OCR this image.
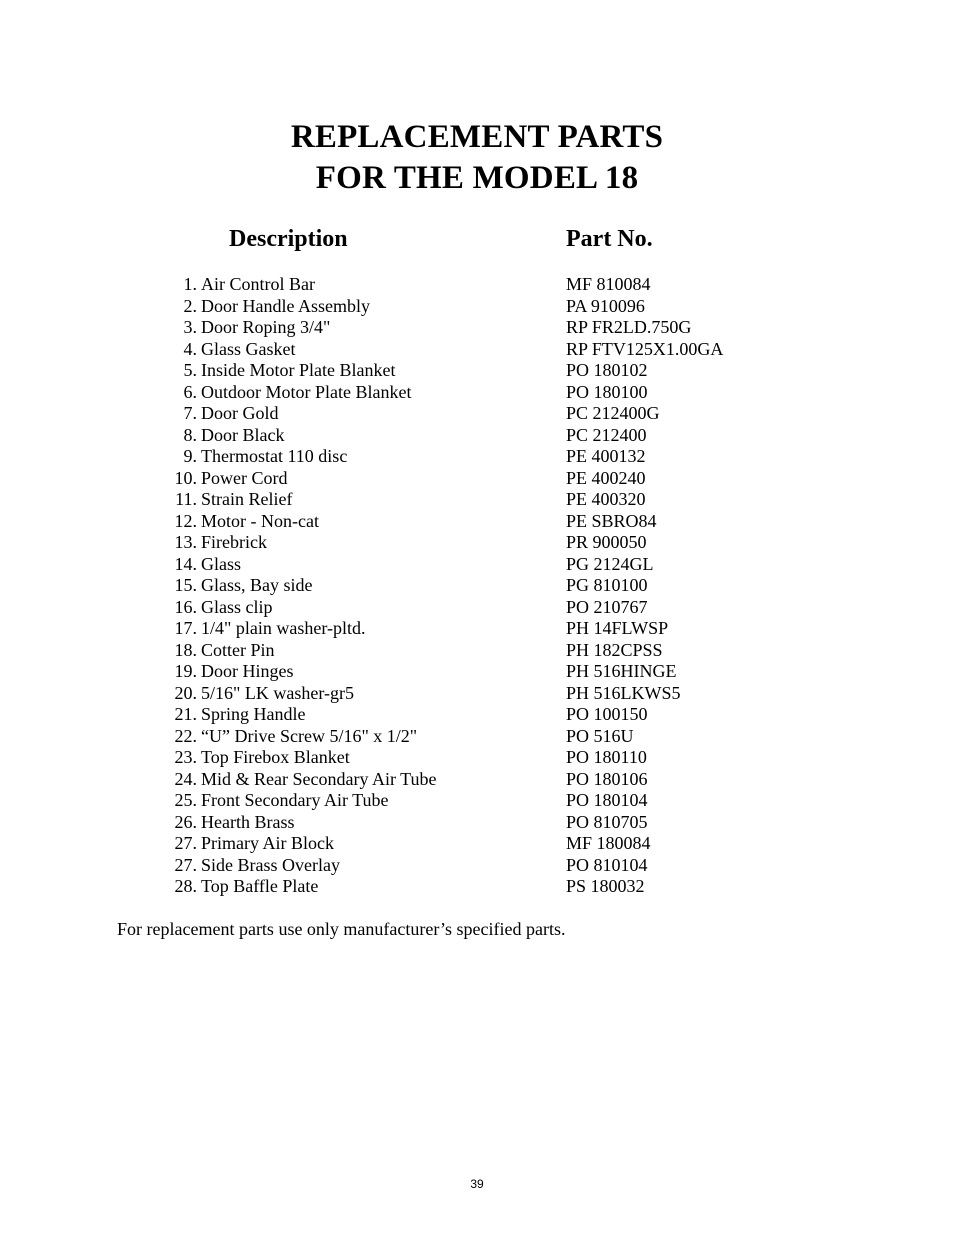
REPLACEMENT PARTS
FOR THE MODEL 18
Description	Part No.
1. Air Control Bar	MF 810084
2. Door Handle Assembly	PA 910096
3. Door Roping 3/4"	RP FR2LD.750G
4. Glass Gasket	RP FTV125X1.00GA
5. Inside Motor Plate Blanket	PO 180102
6. Outdoor Motor Plate Blanket	PO 180100
7. Door Gold	PC 212400G
8. Door Black	PC 212400
9. Thermostat 110 disc	PE 400132
10. Power Cord	PE 400240
11. Strain Relief	PE 400320
12. Motor - Non-cat	PE SBRO84
13. Firebrick	PR 900050
14. Glass	PG 2124GL
15. Glass, Bay side	PG 810100
16. Glass clip	PO 210767
17. 1/4" plain washer-pltd.	PH 14FLWSP
18. Cotter Pin	PH 182CPSS
19. Door Hinges	PH 516HINGE
20. 5/16" LK washer-gr5	PH 516LKWS5
21. Spring Handle	PO 100150
22. “U” Drive Screw 5/16" x 1/2"	PO 516U
23. Top Firebox Blanket	PO 180110
24. Mid & Rear Secondary Air Tube	PO 180106
25. Front Secondary Air Tube	PO 180104
26. Hearth Brass	PO 810705
27. Primary Air Block	MF 180084
27. Side Brass Overlay	PO 810104
28. Top Baffle Plate	PS 180032
For replacement parts use only manufacturer’s specified parts.
39
